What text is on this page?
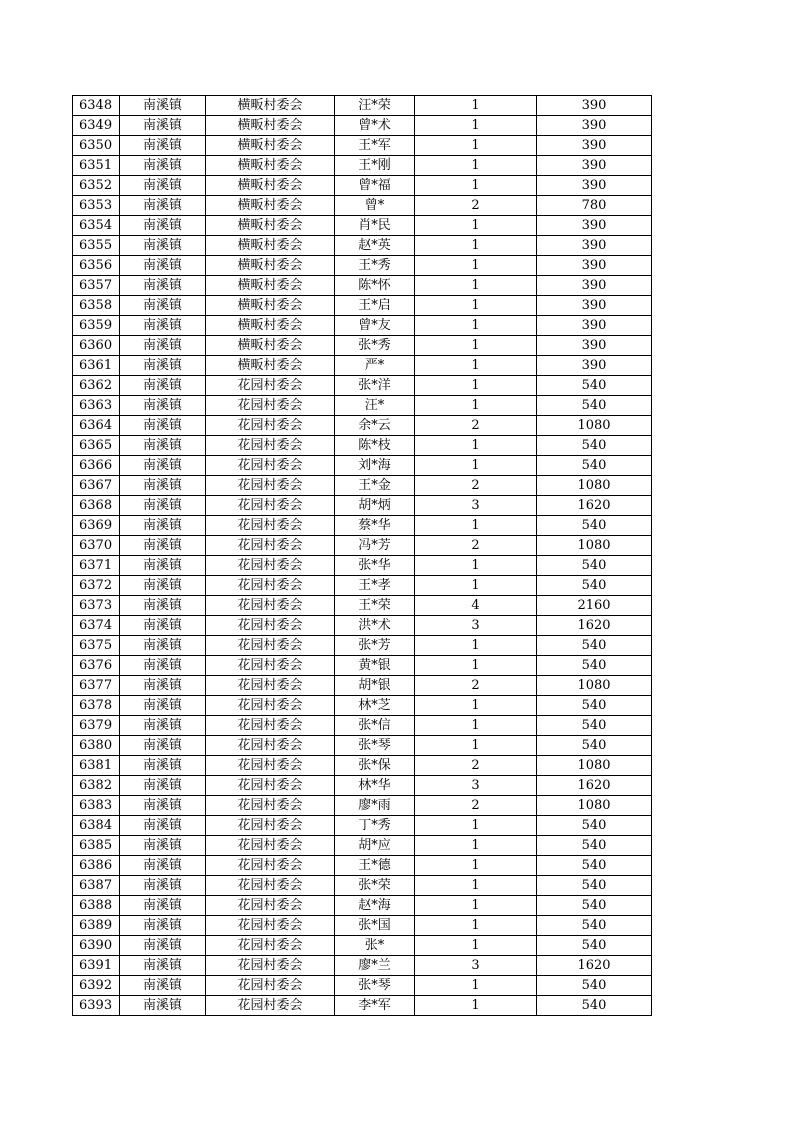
6348	南溪镇	横畈村委会	汪*荣	1	390
6349	南溪镇	横畈村委会	曾*术	1	390
6350	南溪镇	横畈村委会	王*军	1	390
6351	南溪镇	横畈村委会	王*刚	1	390
6352	南溪镇	横畈村委会	曾*福	1	390
6353	南溪镇	横畈村委会	曾*	2	780
6354	南溪镇	横畈村委会	肖*民	1	390
6355	南溪镇	横畈村委会	赵*英	1	390
6356	南溪镇	横畈村委会	王*秀	1	390
6357	南溪镇	横畈村委会	陈*怀	1	390
6358	南溪镇	横畈村委会	王*启	1	390
6359	南溪镇	横畈村委会	曾*友	1	390
6360	南溪镇	横畈村委会	张*秀	1	390
6361	南溪镇	横畈村委会	严*	1	390
6362	南溪镇	花园村委会	张*洋	1	540
6363	南溪镇	花园村委会	汪*	1	540
6364	南溪镇	花园村委会	余*云	2	1080
6365	南溪镇	花园村委会	陈*枝	1	540
6366	南溪镇	花园村委会	刘*海	1	540
6367	南溪镇	花园村委会	王*金	2	1080
6368	南溪镇	花园村委会	胡*炳	3	1620
6369	南溪镇	花园村委会	蔡*华	1	540
6370	南溪镇	花园村委会	冯*芳	2	1080
6371	南溪镇	花园村委会	张*华	1	540
6372	南溪镇	花园村委会	王*孝	1	540
6373	南溪镇	花园村委会	王*荣	4	2160
6374	南溪镇	花园村委会	洪*术	3	1620
6375	南溪镇	花园村委会	张*芳	1	540
6376	南溪镇	花园村委会	黄*银	1	540
6377	南溪镇	花园村委会	胡*银	2	1080
6378	南溪镇	花园村委会	林*芝	1	540
6379	南溪镇	花园村委会	张*信	1	540
6380	南溪镇	花园村委会	张*琴	1	540
6381	南溪镇	花园村委会	张*保	2	1080
6382	南溪镇	花园村委会	林*华	3	1620
6383	南溪镇	花园村委会	廖*雨	2	1080
6384	南溪镇	花园村委会	丁*秀	1	540
6385	南溪镇	花园村委会	胡*应	1	540
6386	南溪镇	花园村委会	王*德	1	540
6387	南溪镇	花园村委会	张*荣	1	540
6388	南溪镇	花园村委会	赵*海	1	540
6389	南溪镇	花园村委会	张*国	1	540
6390	南溪镇	花园村委会	张*	1	540
6391	南溪镇	花园村委会	廖*兰	3	1620
6392	南溪镇	花园村委会	张*琴	1	540
6393	南溪镇	花园村委会	李*军	1	540
